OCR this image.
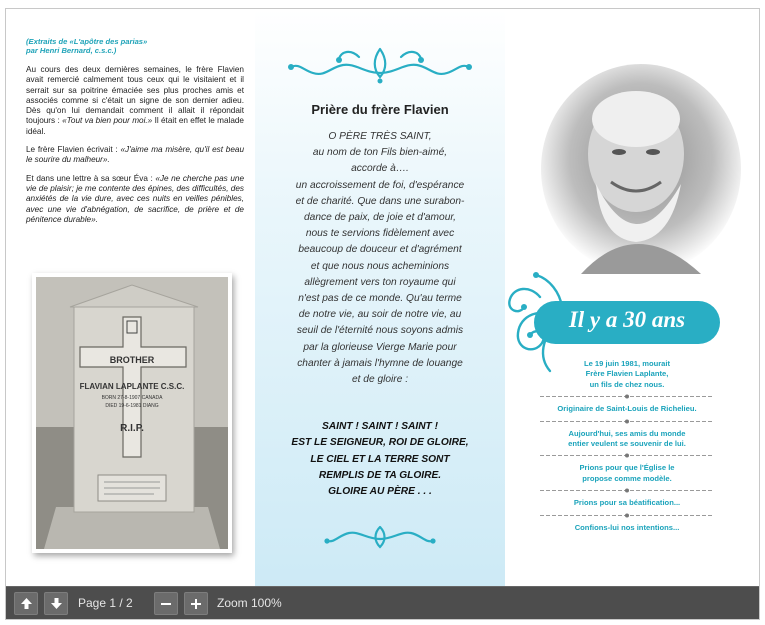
(Extraits de «L'apôtre des parias»
par Henri Bernard, c.s.c.)

Au cours des deux dernières semaines, le frère Flavien avait remercié calmement tous ceux qui le visitaient et il serrait sur sa poitrine émaciée ses plus proches amis et associés comme si c'était un signe de son dernier adieu. Dès qu'on lui demandait comment il allait il répondait toujours : «Tout va bien pour moi.» Il était en effet le malade idéal.

Le frère Flavien écrivait : «J'aime ma misère, qu'il est beau le sourire du malheur».

Et dans une lettre à sa sœur Éva : «Je ne cherche pas une vie de plaisir; je me contente des épines, des difficultés, des anxiétés de la vie dure, avec ces nuits en veilles pénibles, avec une vie d'abnégation, de sacrifice, de prière et de pénitence durable».

BROTHER
FLAVIAN LAPLANTE C.S.C.
BORN 27-8-1907 CANADA
DIED 19-6-1981 DIANG
R.I.P.
Prière du frère Flavien
O PÈRE TRÈS SAINT,
au nom de ton Fils bien-aimé,
accorde à….
un accroissement de foi, d'espérance
et de charité. Que dans une surabon-
dance de paix, de joie et d'amour,
nous te servions fidèlement avec
beaucoup de douceur et d'agrément
et que nous nous acheminions
allègrement vers ton royaume qui
n'est pas de ce monde. Qu'au terme
de notre vie, au soir de notre vie, au
seuil de l'éternité nous soyons admis
par la glorieuse Vierge Marie pour
chanter à jamais l'hymne de louange
et de gloire :
SAINT ! SAINT ! SAINT !
EST LE SEIGNEUR, ROI DE GLOIRE,
LE CIEL ET LA TERRE SONT
REMPLIS DE TA GLOIRE.
GLOIRE AU PÈRE . . .
Il y a 30 ans
Le 19 juin 1981, mourait
Frère Flavien Laplante,
un fils de chez nous.
Originaire de Saint-Louis de Richelieu.
Aujourd'hui, ses amis du monde
entier veulent se souvenir de lui.
Prions pour que l'Église le
propose comme modèle.
Prions pour sa béatification...
Confions-lui nos intentions...
Page 1 / 2	Zoom 100%
